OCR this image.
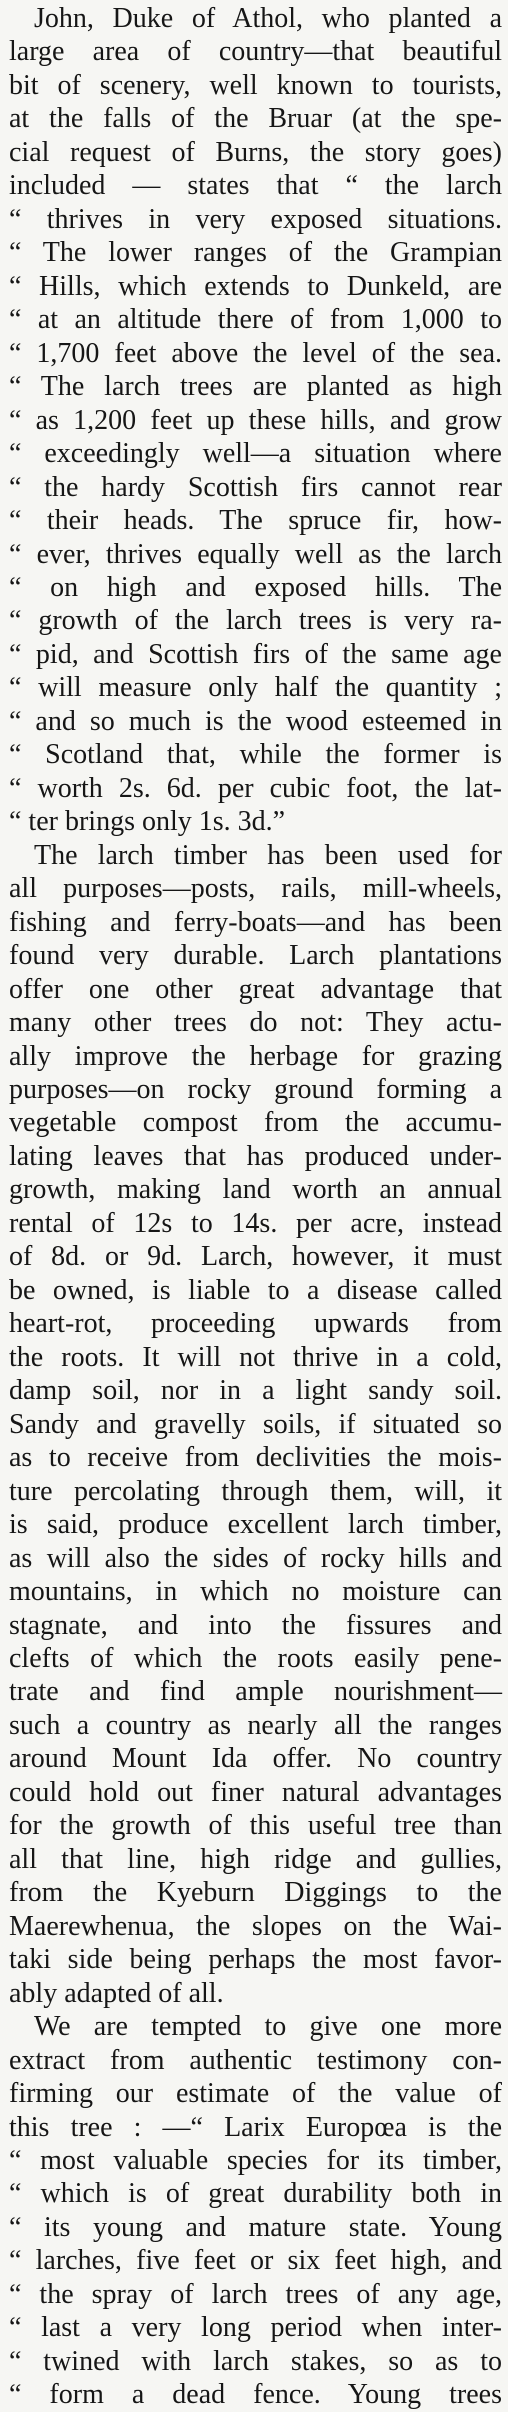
John, Duke of Athol, who planted a
large area of country—that beautiful
bit of scenery, well known to tourists,
at the falls of the Bruar (at the spe-
cial request of Burns, the story goes)
included — states that “ the larch
“ thrives in very exposed situations.
“ The lower ranges of the Grampian
“ Hills, which extends to Dunkeld, are
“ at an altitude there of from 1,000 to
“ 1,700 feet above the level of the sea.
“ The larch trees are planted as high
“ as 1,200 feet up these hills, and grow
“ exceedingly well—a situation where
“ the hardy Scottish firs cannot rear
“ their heads. The spruce fir, how-
“ ever, thrives equally well as the larch
“ on high and exposed hills. The
“ growth of the larch trees is very ra-
“ pid, and Scottish firs of the same age
“ will measure only half the quantity ;
“ and so much is the wood esteemed in
“ Scotland that, while the former is
“ worth 2s. 6d. per cubic foot, the lat-
“ ter brings only 1s. 3d.”
The larch timber has been used for
all purposes—posts, rails, mill-wheels,
fishing and ferry-boats—and has been
found very durable. Larch plantations
offer one other great advantage that
many other trees do not: They actu-
ally improve the herbage for grazing
purposes—on rocky ground forming a
vegetable compost from the accumu-
lating leaves that has produced under-
growth, making land worth an annual
rental of 12s to 14s. per acre, instead
of 8d. or 9d. Larch, however, it must
be owned, is liable to a disease called
heart-rot, proceeding upwards from
the roots. It will not thrive in a cold,
damp soil, nor in a light sandy soil.
Sandy and gravelly soils, if situated so
as to receive from declivities the mois-
ture percolating through them, will, it
is said, produce excellent larch timber,
as will also the sides of rocky hills and
mountains, in which no moisture can
stagnate, and into the fissures and
clefts of which the roots easily pene-
trate and find ample nourishment—
such a country as nearly all the ranges
around Mount Ida offer. No country
could hold out finer natural advantages
for the growth of this useful tree than
all that line, high ridge and gullies,
from the Kyeburn Diggings to the
Maerewhenua, the slopes on the Wai-
taki side being perhaps the most favor-
ably adapted of all.
We are tempted to give one more
extract from authentic testimony con-
firming our estimate of the value of
this tree : —“ Larix Europœa is the
“ most valuable species for its timber,
“ which is of great durability both in
“ its young and mature state. Young
“ larches, five feet or six feet high, and
“ the spray of larch trees of any age,
“ last a very long period when inter-
“ twined with larch stakes, so as to
“ form a dead fence. Young trees
